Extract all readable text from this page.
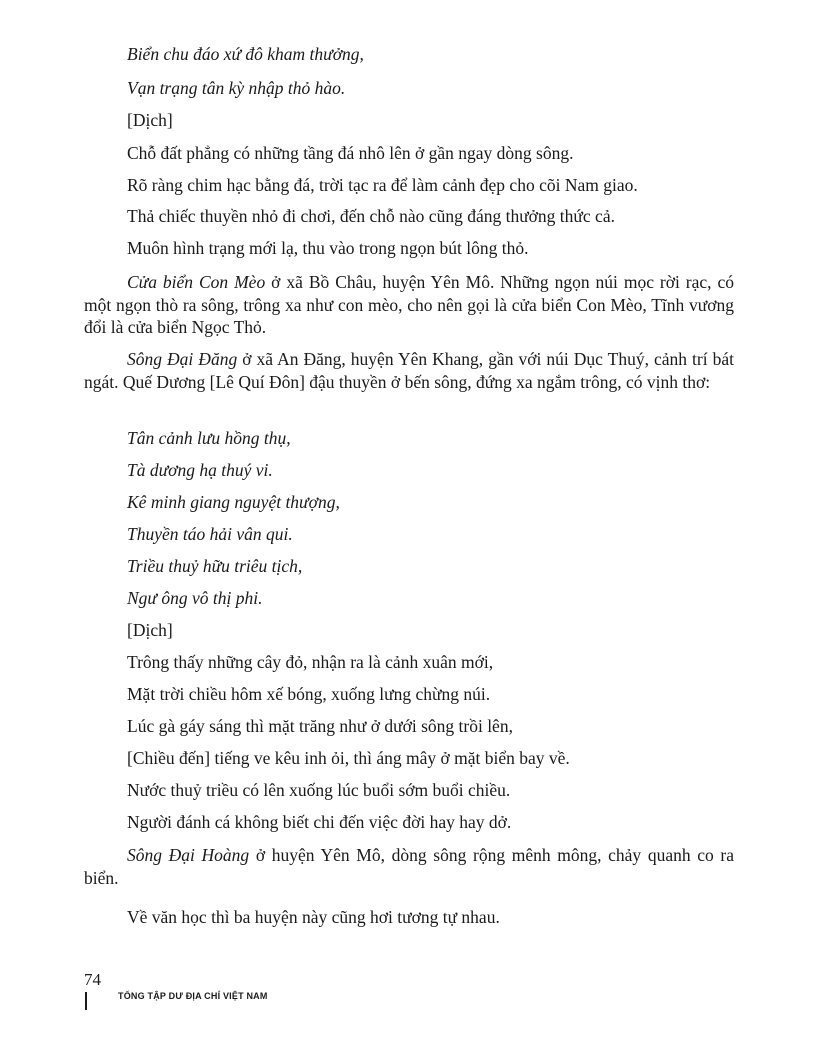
Biển chu đáo xứ đô kham thưởng,
Vạn trạng tân kỳ nhập thỏ hào.
[Dịch]
Chỗ đất phẳng có những tầng đá nhô lên ở gần ngay dòng sông.
Rõ ràng chim hạc bằng đá, trời tạc ra để làm cảnh đẹp cho cõi Nam giao.
Thả chiếc thuyền nhỏ đi chơi, đến chỗ nào cũng đáng thưởng thức cả.
Muôn hình trạng mới lạ, thu vào trong ngọn bút lông thỏ.
Cửa biển Con Mèo ở xã Bồ Châu, huyện Yên Mô. Những ngọn núi mọc rời rạc, có một ngọn thò ra sông, trông xa như con mèo, cho nên gọi là cửa biển Con Mèo, Tĩnh vương đổi là cửa biển Ngọc Thỏ.
Sông Đại Đăng ở xã An Đăng, huyện Yên Khang, gần với núi Dục Thuý, cảnh trí bát ngát. Quế Dương [Lê Quí Đôn] đậu thuyền ở bến sông, đứng xa ngắm trông, có vịnh thơ:
Tân cảnh lưu hồng thụ,
Tà dương hạ thuý vi.
Kê minh giang nguyệt thượng,
Thuyền táo hải vân qui.
Triều thuỷ hữu triêu tịch,
Ngư ông vô thị phi.
[Dịch]
Trông thấy những cây đỏ, nhận ra là cảnh xuân mới,
Mặt trời chiều hôm xế bóng, xuống lưng chừng núi.
Lúc gà gáy sáng thì mặt trăng như ở dưới sông trồi lên,
[Chiều đến] tiếng ve kêu inh ỏi, thì áng mây ở mặt biển bay về.
Nước thuỷ triều có lên xuống lúc buổi sớm buổi chiều.
Người đánh cá không biết chi đến việc đời hay hay dở.
Sông Đại Hoàng ở huyện Yên Mô, dòng sông rộng mênh mông, chảy quanh co ra biển.
Về văn học thì ba huyện này cũng hơi tương tự nhau.
74
TỔNG TẬP DƯ ĐỊA CHÍ VIỆT NAM
